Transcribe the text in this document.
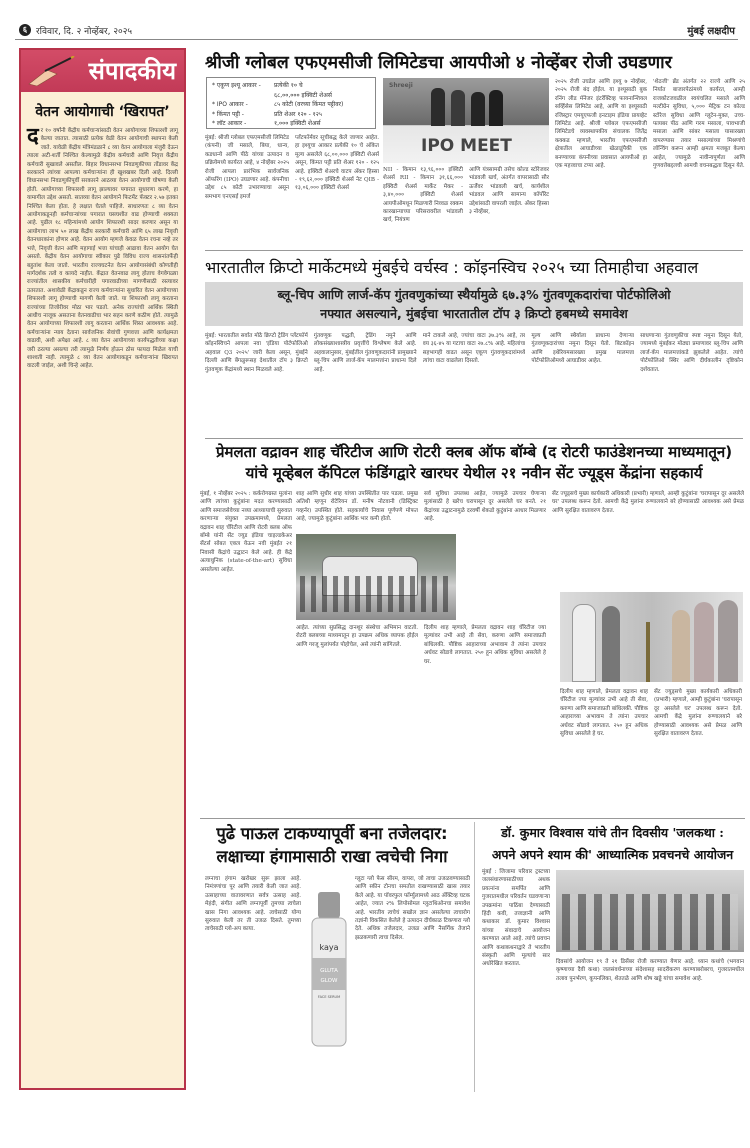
६ रविवार, दि. २ नोव्हेंबर, २०२५	मुंबई लक्षदीप
संपादकीय
वेतन आयोगाची ‘खिरापत’
दर १० वर्षांनी केंद्रीय कर्मचाऱ्यांसाठी वेतन आयोगाच्या शिफारशी लागू केल्या जातात. त्यासाठी प्रत्येक वेळी वेतन आयोगाची स्थापना केली जाते. यावेळी केंद्रीय मंत्रिमंडळाने ८ व्या वेतन आयोगाला मंजुरी देऊन त्याला अटी-शर्ती निश्चित केल्यामुळे केंद्रीय कर्मचारी आणि निवृत्त केंद्रीय कर्मचारी सुखावले असतील. बिहार विधानसभा निवडणुकीच्या तोंडावर केंद्र सरकारने त्यांच्या आपल्या कर्मचाऱ्यांना ही खुशखबर दिली आहे. दिल्ली विधानसभा निवडणुकीपूर्वी सरकारने आठव्या वेतन आयोगाची घोषणा केली होती. आयोगाच्या शिफारशी लागू झाल्यावर पगारात सुधारणा करणे, हा यामागील उद्देश असतो. सातव्या वेतन आयोगाने फिटमेंट फॅक्टर २.५७ इतका निश्चित केला होता. हे लक्षात घेतले पाहिजे. साधारणतः ८ व्या वेतन आयोगाकडूनही कर्मचाऱ्यांच्या पगारात घसघशीत वाढ होण्याची शक्यता आहे. पुढील १८ महिन्यांमध्ये आयोग शिफारशी सादर करणार असून या आयोगाचा लाभ ५० लाख केंद्रीय सरकारी कर्मचारी आणि ६५ लाख निवृत्ती वेतनधारकांना होणार आहे. वेतन आयोग म्हणजे केवळ वेतन रचना नव्हे तर भत्ते, निवृत्ती वेतन आणि महागाई भत्ता यांचाही आढावा वेतन आयोग घेत असतो. केंद्रीय वेतन आयोगाचा स्वीकार पुढे विविध राज्य शासनांतर्फेही बहुतांश केला जातो. भारतीय राज्यघटनेत वेतन आयोगासंबंधी कोणतीही मार्गदर्शक तत्वे व कायदे नाहीत. केंद्रात वेतनवाढ लागू होताच वेगवेगळ्या राज्यांतील शासकीय कर्मचारीही पगारवाढीच्या मागणीसाठी रस्त्यावर उतरतात. अशावेळी केंद्राकडून राज्य कर्मचाऱ्यांना सुधारित वेतन आयोगाच्या शिफारशी लागू होण्याची मागणी केली जाते. या शिफारशी लागू करताना राज्यांच्या तिजोरीवर मोठा भार पडतो. अनेक राज्यांची आर्थिक स्थिती आधीच नाजूक असताना वेतनवाढीचा भार सहन करणे कठीण होते. त्यामुळे वेतन आयोगाच्या शिफारशी लागू करताना आर्थिक शिस्त आवश्यक आहे. कर्मचाऱ्यांना न्याय देताना सार्वजनिक सेवांची गुणवत्ता आणि कार्यक्षमता वाढावी, अशी अपेक्षा आहे. ८ व्या वेतन आयोगाच्या कार्यपद्धतीच्या कक्षा जरी ठरल्या असल्या तरी त्यामुळे निर्णय होऊन ठोस फायदा मिळेल याची शाश्वती नाही. त्यामुळे ८ व्या वेतन आयोगाकडून कर्मचाऱ्यांना खिरापत वाटली जाईल, अशी चिन्हे आहेत.
श्रीजी ग्लोबल एफएमसीजी लिमिटेडचा आयपीओ ४ नोव्हेंबर रोजी उघडणार
* एकूण इश्यू आकार -	प्रत्येकी १० चे
६८,००,००० इक्विटी शेअर्स
* IPO आकार -	८५ कोटी (वरच्या किंमत पट्टीवर)
* किंमत पट्टी -	प्रति शेअर १२० - १२५
* लॉट आकार -	१,००० इक्विटी शेअर्स
Shreeji
IPO MEET
मुंबई: श्रीजी ग्लोबल एफएमसीजी लिमिटेड (कंपनी) जी मसाले, बिया, धान्य, कडधान्ये आणि पीठे यांच्या उत्पादन व प्रक्रियेमध्ये कार्यरत आहे, ४ नोव्हेंबर २०२५ रोजी आपला प्रारंभिक सार्वजनिक ऑफरिंग (IPO) उघडणार आहे. कंपनीचा उद्देश ८५ कोटी उभारण्याचा असून समभाग एनएसई इमर्ज
प्लॅटफॉर्मवर सूचीबद्ध केले जाणार आहेत. हा इश्यूचा आकार प्रत्येकी १० चे अंकित मूल्य असलेले ६८,००,००० इक्विटी शेअर्स असून, किंमत पट्टी प्रति शेअर १२० - १२५ आहे. इक्विटी शेअरचे वाटप अँकर हिस्सा - १९,६२,००० इक्विटी शेअर्स नेट QIB - १३,०६,००० इक्विटी शेअर्स
NII - किमान १३,९६,००० इक्विटी शेअर्स RII - किमान ३१,६६,००० इक्विटी शेअर्स मार्केट मेकर - ३,४०,००० इक्विटी शेअर्स आयपीओमधून मिळणारी निव्वळ रक्कम कारखान्याच्या परिसरावरील भांडवली खर्च, नियंत्रण
आणि यंत्रसामग्री तसेच कोल्ड स्टोरेजवर भांडवली खर्च, अंतर्गत वापरासाठी सौर ऊर्जेवर भांडवली खर्च, कार्यशील भांडवल आणि सामान्य कॉर्पोरेट उद्देशांसाठी वापरली जाईल. अँकर हिस्सा ३ नोव्हेंबर,
२०२५ रोजी उघडेल आणि इश्यू ७ नोव्हेंबर, २०२५ रोजी बंद होईल. या इश्यूसाठी बुक रनिंग लीड मॅनेजर इंटरॅक्टिव्ह फायनान्शियल सर्व्हिसेस लिमिटेड आहे, आणि या इश्यूसाठी रजिस्ट्रार एमयूएफजी इनटाइम इंडिया प्रायव्हेट लिमिटेड आहे. श्रीजी ग्लोबल एफएमसीजी लिमिटेडचे व्यवस्थापकीय संचालक जितेंद्र कक्कड म्हणाले, भारतीय एफएमसीजी क्षेत्रातील आघाडीच्या खेळाडूंपैकी एक बनण्याच्या कंपनीच्या प्रवासात आयपीओ हा एक महत्त्वाचा टप्पा आहे.
'शेठजी' ब्रँड अंतर्गत २२ राज्ये आणि २५ निर्यात बाजारपेठांमध्ये कार्यरत, आम्ही राजकोटजवळील स्वयंचलित मसाले आणि मल्टीग्रेन सुविधा, ५,००० मेट्रिक टन कोल्ड स्टोरेज सुविधा आणि ग्लूटेन-मुक्त, उच्च-फायबर पीठ आणि गरम मसाला, पावभाजी मसाला आणि सांबर मसाला यासारख्या वापरण्यास तयार मसाल्यांच्या मिश्रणांचे लॉन्चिंग करून आम्ही क्षमता मजबूत केल्या आहेत, ज्यामुळे नावीन्यपूर्णता आणि गुणवत्तेबद्दलची आमची वचनबद्धता दिसून येते.
भारतातील क्रिप्टो मार्केटमध्ये मुंबईचे वर्चस्व : कॉइनस्विच २०२५ च्या तिमाहीचा अहवाल
ब्लू-चिप आणि लार्ज-कॅप गुंतवणुकांच्या स्थैर्यामुळे ६७.३% गुंतवणूकदारांचा पोर्टफोलिओ
नफ्यात असल्याने, मुंबईचा भारतातील टॉप ३ क्रिप्टो हबमध्ये समावेश
मुंबई: भारतातील सर्वात मोठे क्रिप्टो ट्रेडिंग प्लॅटफॉर्म कॉइनस्विचने आपला नवा 'इंडिया पोर्टफोलिओ अहवाल Q3 २०२५' जारी केला असून, मुंबईने दिल्ली आणि बेंगळुरूसह देशातील टॉप ३ क्रिप्टो गुंतवणूक केंद्रांमध्ये स्थान मिळवले आहे.
गुंतवणूक पद्धती, ट्रेडिंग नमुने आणि लोकसंख्याशास्त्रीय प्रवृत्तींचे विश्लेषण केले आहे. अहवालानुसार, मुंबईतील गुंतवणूकदारांनी प्रामुख्याने ब्लू-चिप आणि लार्ज-कॅप मालमत्तांना प्राधान्य दिले आहे.
माने टाकले आहे, ज्यांचा वाटा ३७.३% आहे, तर वय ३६-४५ या गटाचा वाटा २७.८% आहे. महिलांचा सहभागही वाढत असून एकूण गुंतवणूकदारांमध्ये त्यांचा वाटा वाढलेला दिसतो.
मूल्य आणि स्थैर्याला प्राधान्य देणाऱ्या गुंतवणूकदारांच्या नमुना दिसून येतो. बिटकॉइन आणि इथेरियमसारख्या प्रमुख मालमत्ता पोर्टफोलिओमध्ये आघाडीवर आहेत.
साधणाऱ्या गुंतवणुकीचा स्पष्ट नमुना दिसून येतो, ज्यामध्ये मुंबईकर मोठ्या प्रमाणावर ब्लू-चिप आणि लार्ज-कॅप मालमत्तांकडे झुकलेले आहेत. त्यांचे पोर्टफोलिओ स्थिर आणि दीर्घकालीन दृष्टिकोन दर्शवतात.
प्रेमलता वद्रावन शाह चॅरिटीज आणि रोटरी क्लब ऑफ बॉम्बे (द रोटरी फाउंडेशनच्या माध्यमातून)
यांचे मूव्हेबल कॅपिटल फंडिंगद्वारे खारघर येथील २१ नवीन सेंट ज्यूड्स केंद्रांना सहकार्य
मुंबई, १ नोव्हेंबर २०२५ : कर्करोगग्रस्त मुलांना आणि त्यांच्या कुटुंबांना मदत करण्यासाठी आणि समाजसेवेच्या नव्या आध्यायाची सुरुवात करणाऱ्या संयुक्त उपक्रमामध्ये, प्रेमलता वद्रावन शाह चॅरिटीज आणि रोटरी क्लब ऑफ बॉम्बे यांनी सेंट ज्यूड इंडिया चाइल्डकेअर सेंटर्स सोबत एकत्र येऊन नवी मुंबईत २१ निवासी केंद्रांचे उद्घाटन केले आहे. ही केंद्रे अत्याधुनिक (state-of-the-art) सुविधा असलेल्या आहेत.
शाह आणि सुधीर शाह यांच्या उपस्थितीत पार पडला. प्रमुख अतिथी म्हणून रोटेरियन डॉ. मनीष नोटवानी (डिस्ट्रिक्ट गव्हर्नर) उपस्थित होते. सहकार्याचे निवास पूर्णपणे मोफत आहे, ज्यामुळे कुटुंबांना आर्थिक भार कमी होतो.
सर्व सुविधा उपलब्ध आहेत, ज्यामुळे उपचार घेणाऱ्या मुलांसाठी हे खरेच घरापासून दूर असलेले घर बनते. २१ केंद्रांच्या उद्घाटनामुळे दरवर्षी शेकडो कुटुंबांना आधार मिळणार आहे.
आहेत. त्यांच्या सुप्रसिद्ध दानशूर संस्थेचा अभिमान वाटतो. रोटरी क्लबच्या माध्यमातून हा उपक्रम अधिक व्यापक होईल आणि गरजू मुलांपर्यंत पोहोचेल, असे त्यांनी सांगितले.
दिलीप शाह म्हणाले, प्रेमलता वद्रावन शाह चॅरिटीज ज्या मूल्यांवर उभी आहे ती सेवा, करुणा आणि समाजाप्रती बांधिलकी. पौष्टिक आहाराच्या अभावाम ते त्यांना उपचार अर्धवट सोडावे लागतात. २५० हून अधिक सुविधा असलेले हे घर.
सेंट ज्यूड्सचे मुख्य कार्यकारी अधिकारी (प्रभारी) म्हणाले, आम्ही कुटुंबांना 'घरापासून दूर असलेले घर' उपलब्ध करून देतो. आमची केंद्रे मुलांना रुग्णालयाने बरे होण्यासाठी आवश्यक असे प्रेमळ आणि सुरक्षित वातावरण देतात.
दिलीप शाह म्हणाले, प्रेमलता वद्रावन शाह चॅरिटीज ज्या मूल्यांवर उभी आहे ती सेवा, करुणा आणि समाजाप्रती बांधिलकी. पौष्टिक आहाराच्या अभावाम ते त्यांना उपचार अर्धवट सोडावे लागतात. २५० हून अधिक सुविधा असलेले हे घर.
सेंट ज्यूड्सचे मुख्य कार्यकारी अधिकारी (प्रभारी) म्हणाले, आम्ही कुटुंबांना 'घरापासून दूर असलेले घर' उपलब्ध करून देतो. आमची केंद्रे मुलांना रुग्णालयाने बरे होण्यासाठी आवश्यक असे प्रेमळ आणि सुरक्षित वातावरण देतात.
पुढे पाऊल टाकण्यापूर्वी बना तजेलदार:
लक्षाच्या हंगामासाठी राखा त्वचेची निगा
लग्नाचा हंगाम खरोखर सुरू झाला आहे. निमंत्रणांचा पूर आणि तयारी केली जात आहे. उत्साहाच्या वातावरणात सर्वत्र उत्साह आहे. मेहंदी, संगीत आणि लग्नापूर्वी तुमच्या त्वचेला खास निगा आवश्यक आहे. त्वचेसाठी योग्य सुरुवात केली तर ती उजळ दिसते. तुमच्या त्वचेसाठी ग्लो-अप काया.
kaya
GLUTA
GLOW
FACE SERUM
ग्लूटा ग्लो फेस सीरम, वापरा, जो त्वचा उजळवण्यासाठी आणि स्कीन टोनचा समतोल राखण्यासाठी खास तयार केले आहे. या पॉवरफुल फॉर्म्युलामध्ये आठ ॲक्टिव्ह घटक आहेत, ज्यात २% लिपोसोमल ग्लुटाथिओनचा समावेश आहे. भारतीय त्वचेचं सखोल ज्ञान असलेल्या त्वचारोग तज्ञांनी विकसित केलेले हे उत्पादन दीर्घकाळ टिकणारा ग्लो देते. अधिक तजेलदार, उजळ आणि नैसर्गिक तेजाने झळकणारी त्वचा दिसेल.
डॉ. कुमार विश्वास यांचे तीन दिवसीय 'जलकथा :
अपने अपने श्याम की' आध्यात्मिक प्रवचनचे आयोजन
मुंबई : जिजामा परिवार ट्रस्टच्या जलसंधारणासाठीच्या अथक प्रयत्नांना समर्पित आणि गुजरातमधील परिवर्तन घडवणाऱ्या उपक्रमांना पाठिंबा देण्यासाठी हिंदी कवी, तत्त्वज्ञानी आणि कथाकार डॉ. कुमार विश्वास यांच्या संवादाचे आयोजन करण्यात आले आहे. त्यांचे प्रवचन आणि कथाकथनाद्वारे ते भारतीय संस्कृती आणि मूल्यांचे सार अधोरेखित करतात.	दिवसांचे आयोजन १९ ते २१ डिसेंबर रोजी करण्यात येणार आहे. ध्यान कथांचे (भगवान कृष्णाच्या दैवी कथा) जलसंवर्धनाच्या संदेशासह सादरीकरण करण्याबरोबरच, गुजरातमधील तलाव पुनर्भरण, कूपनलिका, शेततळे आणि शोष खड्डे यांचा समावेश आहे.
